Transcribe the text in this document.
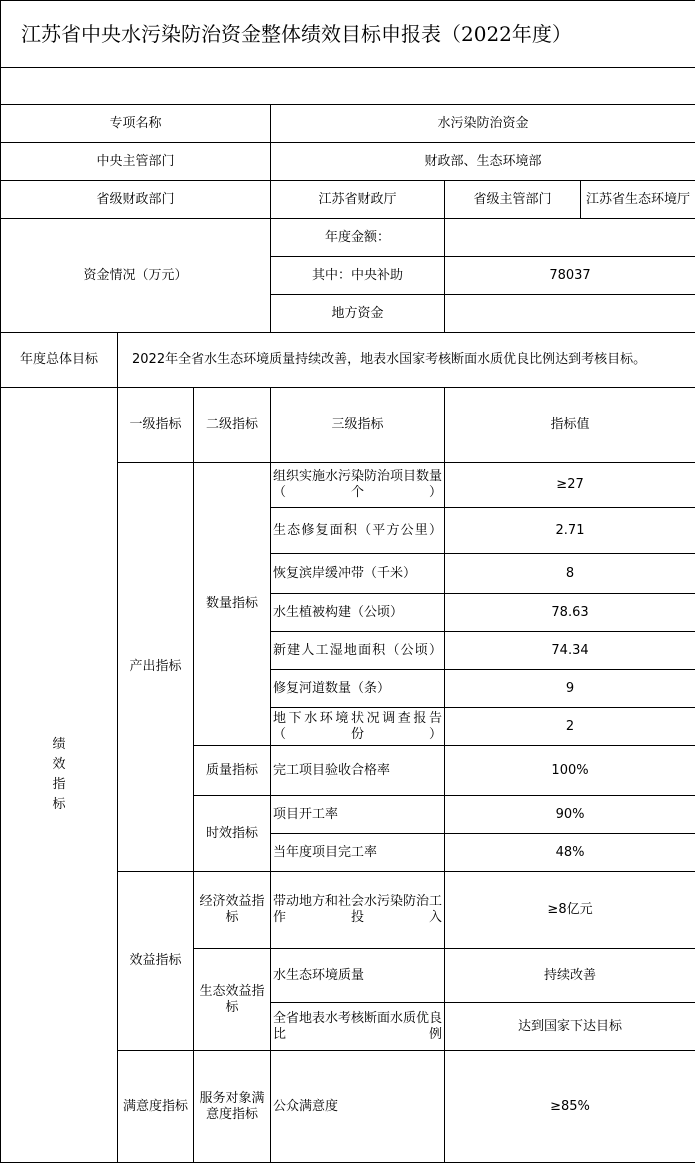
江苏省中央水污染防治资金整体绩效目标申报表（2022年度）					

专项名称			水污染防治资金		
中央主管部门			财政部、生态环境部		
省级财政部门			江苏省财政厅	省级主管部门	江苏省生态环境厅
资金情况（万元）			年度金额：		
			其中：中央补助	78037	
			地方资金		
年度总体目标	2022年全省水生态环境质量持续改善，地表水国家考核断面水质优良比例达到考核目标。				

绩
效
指
标	一级指标	二级指标	三级指标	指标值	
	产出指标	数量指标	组织实施水污染防治项目数量（个）	≥27	
			生态修复面积（平方公里）	2.71	
			恢复滨岸缓冲带（千米）	8	
			水生植被构建（公顷）	78.63	
			新建人工湿地面积（公顷）	74.34	
			修复河道数量（条）	9	
			地下水环境状况调查报告（份）	2	
		质量指标	完工项目验收合格率	100%	
		时效指标	项目开工率	90%	
			当年度项目完工率	48%	
	效益指标	经济效益指标	带动地方和社会水污染防治工作投入	≥8亿元	
		生态效益指标	水生态环境质量	持续改善	
			全省地表水考核断面水质优良比例	达到国家下达目标	
	满意度指标	服务对象满意度指标	公众满意度	≥85%	
